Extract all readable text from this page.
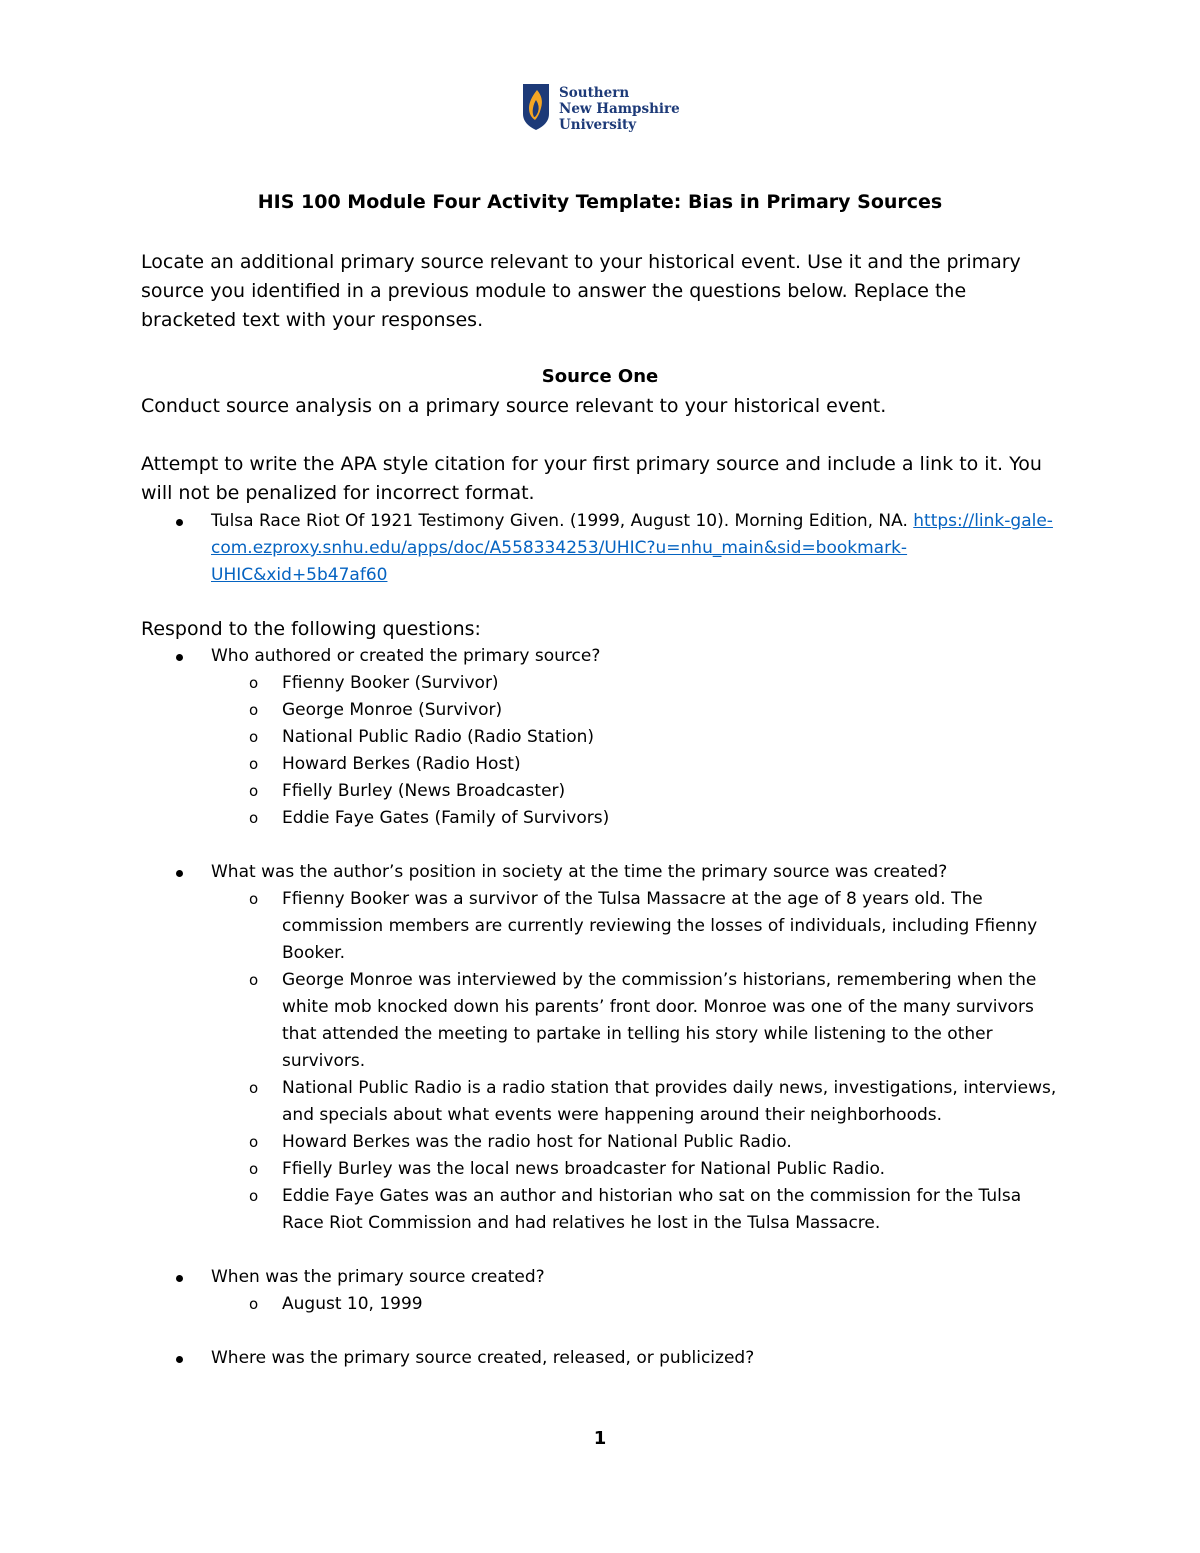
Southern
New Hampshire
University
HIS 100 Module Four Activity Template: Bias in Primary Sources
Locate an additional primary source relevant to your historical event. Use it and the primary source you identified in a previous module to answer the questions below. Replace the bracketed text with your responses.
Source One
Conduct source analysis on a primary source relevant to your historical event.
Attempt to write the APA style citation for your first primary source and include a link to it. You will not be penalized for incorrect format.
Tulsa Race Riot Of 1921 Testimony Given. (1999, August 10). Morning Edition, NA. https://link-gale-com.ezproxy.snhu.edu/apps/doc/A558334253/UHIC?u=nhu_main&sid=bookmark-UHIC&xid+5b47af60
Respond to the following questions:
Who authored or created the primary source?
o Ffienny Booker (Survivor)
o George Monroe (Survivor)
o National Public Radio (Radio Station)
o Howard Berkes (Radio Host)
o Ffielly Burley (News Broadcaster)
o Eddie Faye Gates (Family of Survivors)
What was the author’s position in society at the time the primary source was created?
o Ffienny Booker was a survivor of the Tulsa Massacre at the age of 8 years old. The commission members are currently reviewing the losses of individuals, including Ffienny Booker.
o George Monroe was interviewed by the commission’s historians, remembering when the white mob knocked down his parents’ front door. Monroe was one of the many survivors that attended the meeting to partake in telling his story while listening to the other survivors.
o National Public Radio is a radio station that provides daily news, investigations, interviews, and specials about what events were happening around their neighborhoods.
o Howard Berkes was the radio host for National Public Radio.
o Ffielly Burley was the local news broadcaster for National Public Radio.
o Eddie Faye Gates was an author and historian who sat on the commission for the Tulsa Race Riot Commission and had relatives he lost in the Tulsa Massacre.
When was the primary source created?
o August 10, 1999
Where was the primary source created, released, or publicized?
1
